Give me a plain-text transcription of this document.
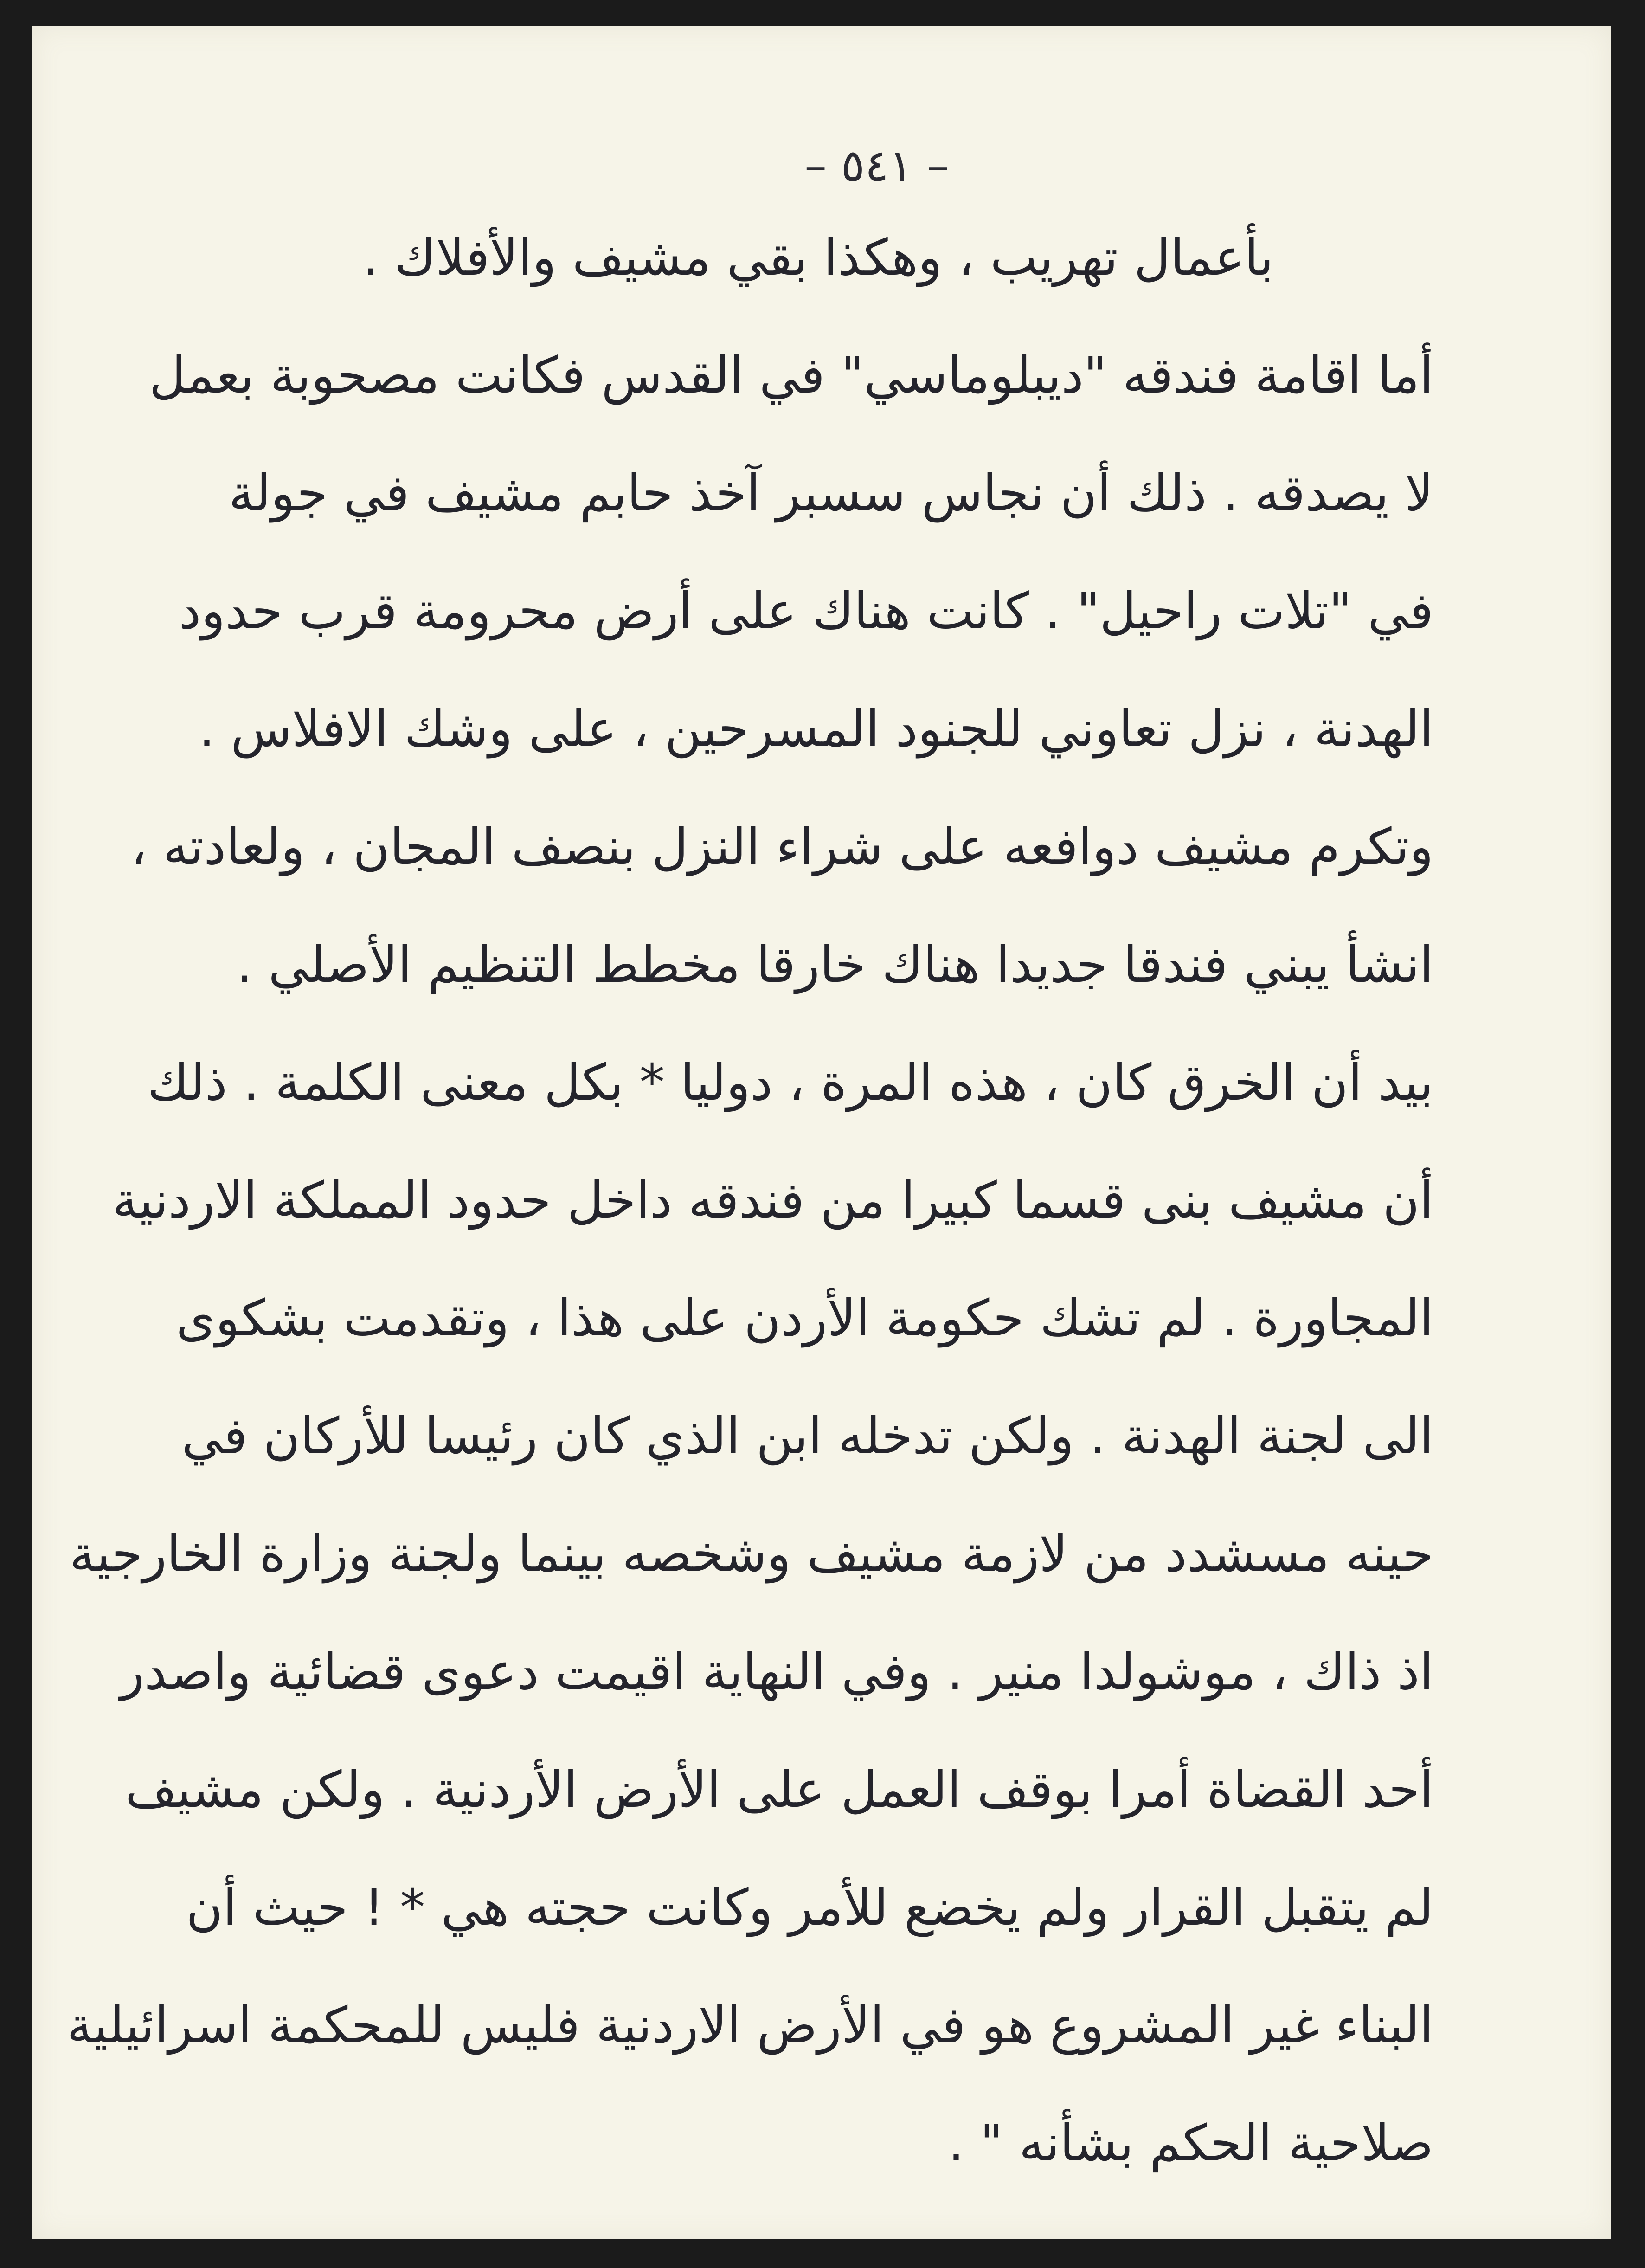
– ٥٤١ –
بأعمال تهريب ، وهكذا بقي مشيف والأفلاك .
أما اقامة فندقه "ديبلوماسي" في القدس فكانت مصحوبة بعمل
لا يصدقه . ذلك أن نجاس سسبر آخذ حابم مشيف في جولة
في "تلات راحيل" . كانت هناك على أرض محرومة قرب حدود
الهدنة ، نزل تعاوني للجنود المسرحين ، على وشك الافلاس .
وتكرم مشيف دوافعه على شراء النزل بنصف المجان ، ولعادته ،
انشأ يبني فندقا جديدا هناك خارقا مخطط التنظيم الأصلي .
بيد أن الخرق كان ، هذه المرة ، دوليا * بكل معنى الكلمة . ذلك
أن مشيف بنى قسما كبيرا من فندقه داخل حدود المملكة الاردنية
المجاورة . لم تشك حكومة الأردن على هذا ، وتقدمت بشكوى
الى لجنة الهدنة . ولكن تدخله ابن الذي كان رئيسا للأركان في
حينه مسشدد من لازمة مشيف وشخصه بينما ولجنة وزارة الخارجية
اذ ذاك ، موشولدا منير . وفي النهاية اقيمت دعوى قضائية واصدر
أحد القضاة أمرا بوقف العمل على الأرض الأردنية . ولكن مشيف
لم يتقبل القرار ولم يخضع للأمر وكانت حجته هي * ! حيث أن
البناء غير المشروع هو في الأرض الاردنية فليس للمحكمة اسرائيلية
صلاحية الحكم بشأنه " .
